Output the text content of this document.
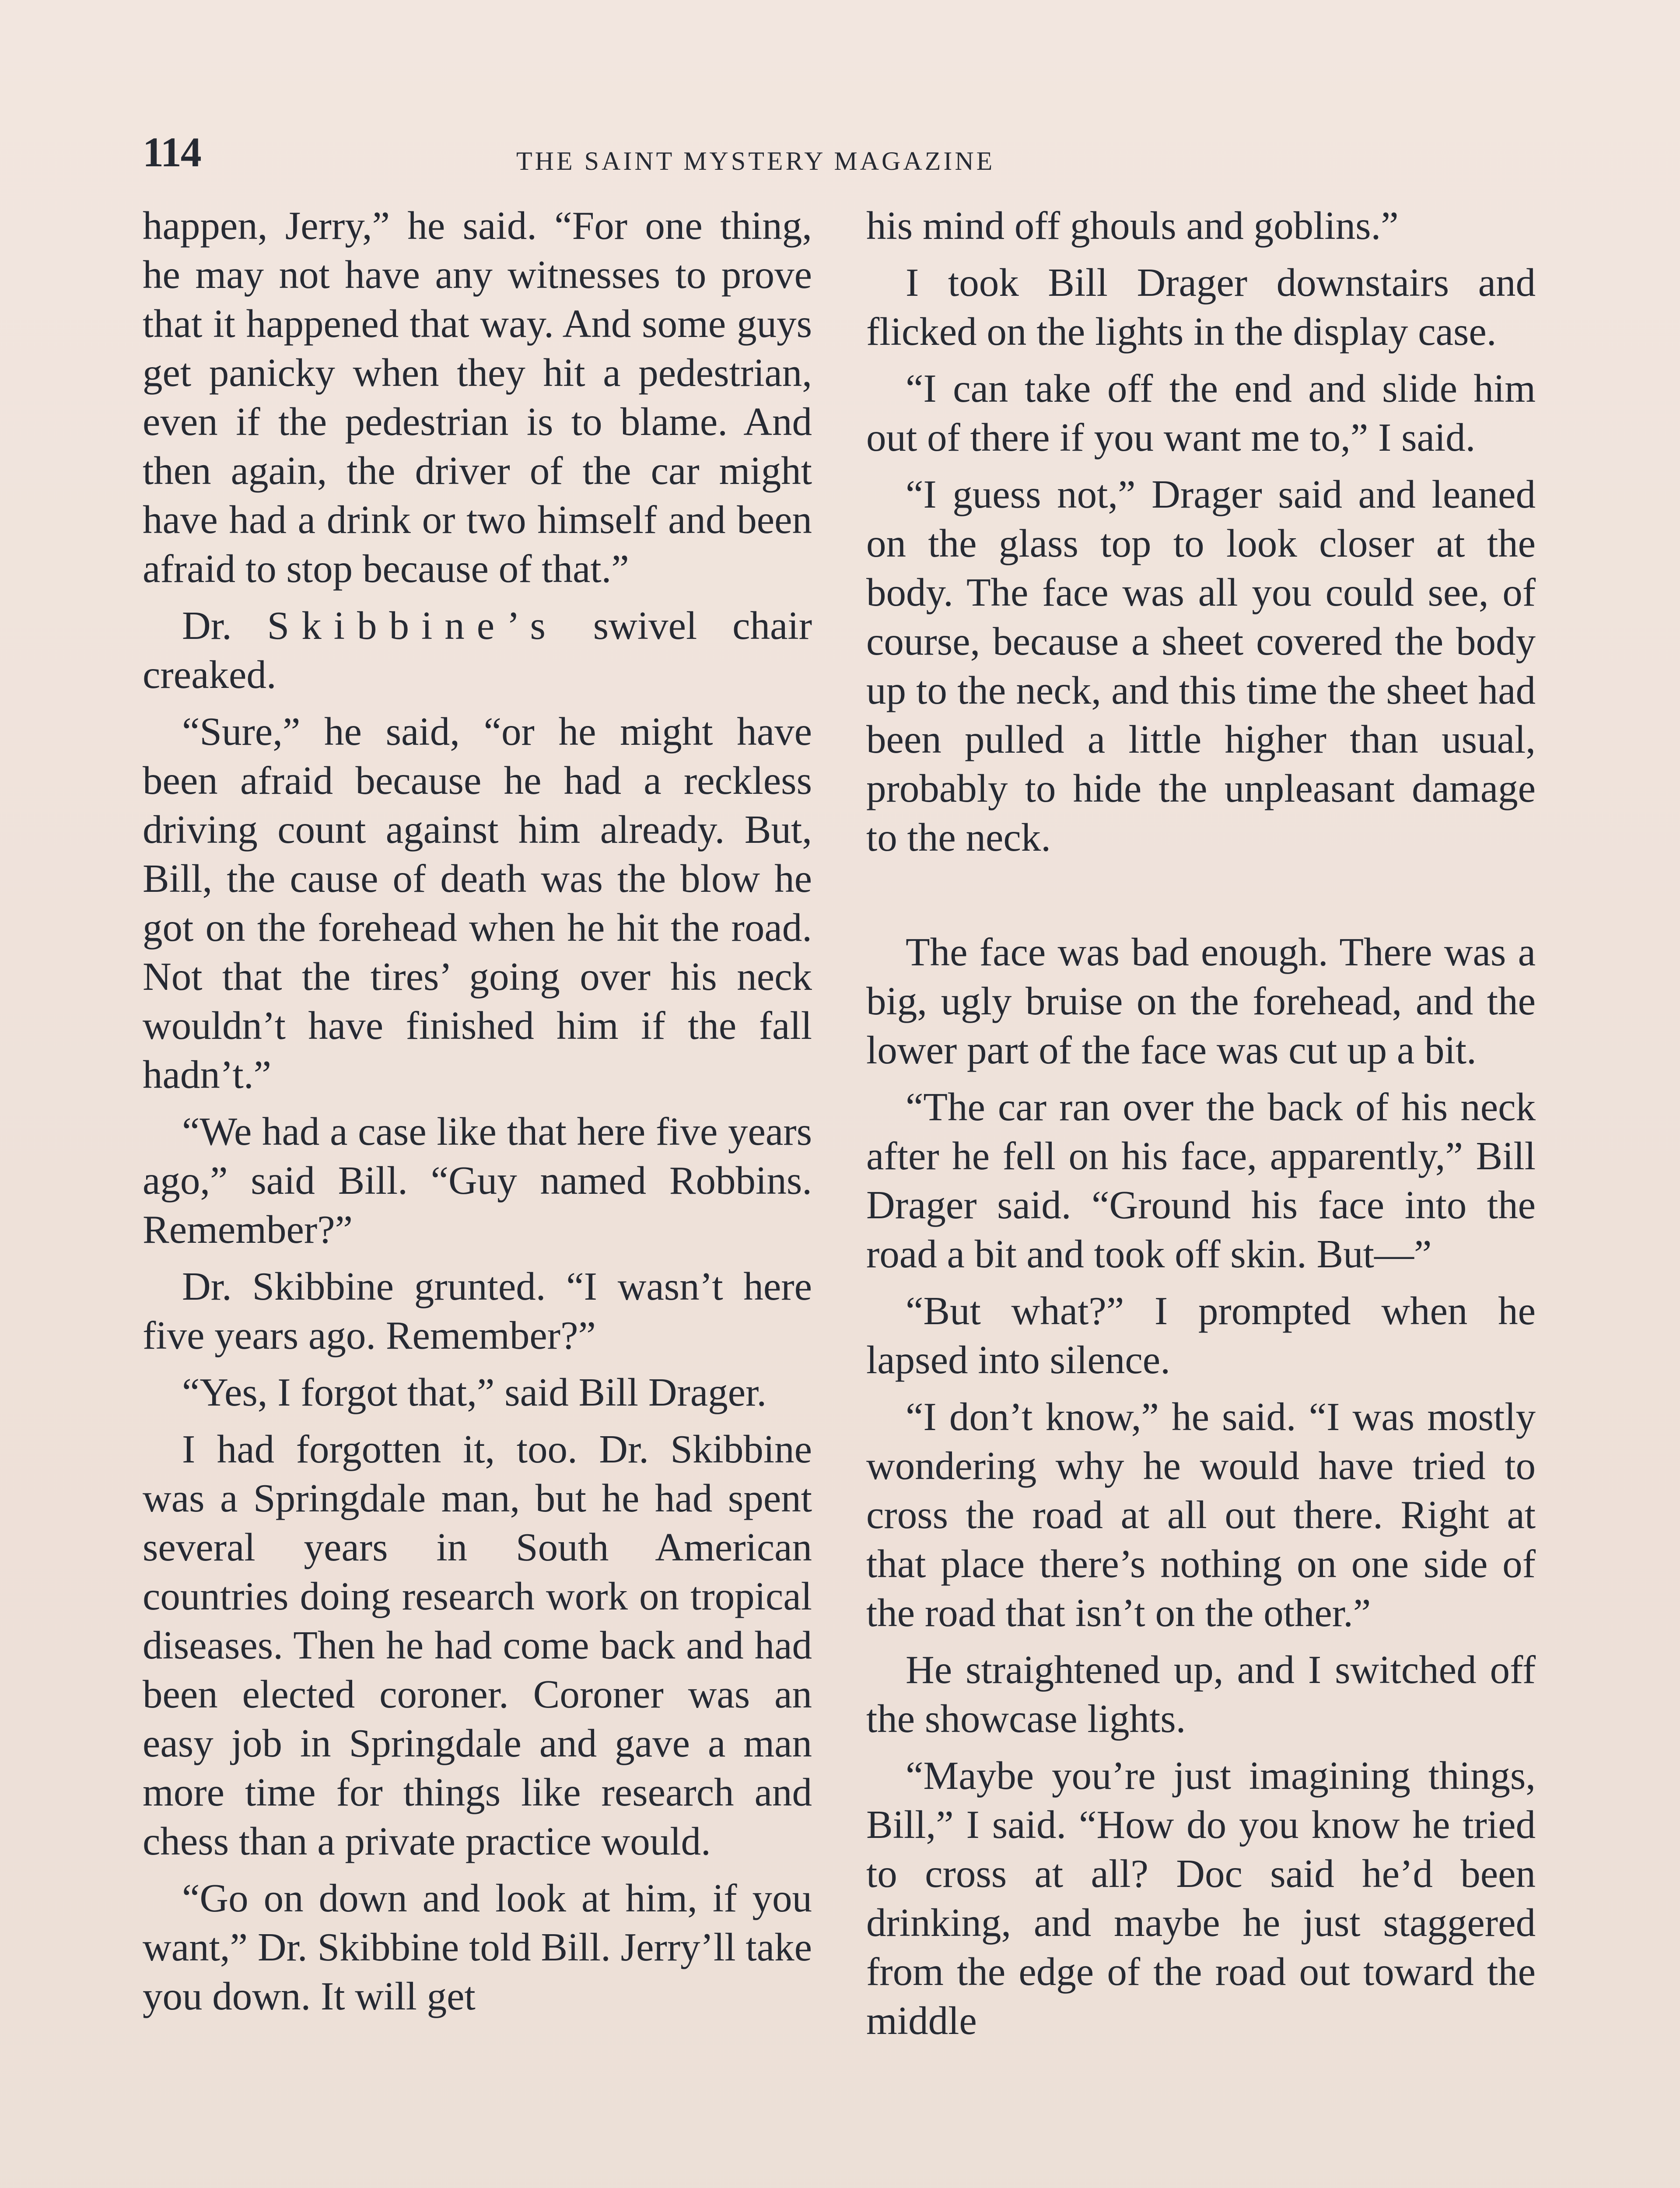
114	THE SAINT MYSTERY MAGAZINE

happen, Jerry,” he said. “For one thing, he may not have any witnesses to prove that it happened that way. And some guys get panicky when they hit a pedestrian, even if the pedestrian is to blame. And then again, the driver of the car might have had a drink or two himself and been afraid to stop because of that.”

Dr. Skibbine’s swivel chair creaked.

“Sure,” he said, “or he might have been afraid because he had a reckless driving count against him already. But, Bill, the cause of death was the blow he got on the forehead when he hit the road. Not that the tires’ going over his neck wouldn’t have finished him if the fall hadn’t.”

“We had a case like that here five years ago,” said Bill. “Guy named Robbins. Remember?”

Dr. Skibbine grunted. “I wasn’t here five years ago. Remember?”

“Yes, I forgot that,” said Bill Drager.

I had forgotten it, too. Dr. Skibbine was a Springdale man, but he had spent several years in South American countries doing research work on tropical diseases. Then he had come back and had been elected coroner. Coroner was an easy job in Springdale and gave a man more time for things like research and chess than a private practice would.

“Go on down and look at him, if you want,” Dr. Skibbine told Bill. Jerry’ll take you down. It will get

his mind off ghouls and goblins.”

I took Bill Drager downstairs and flicked on the lights in the display case.

“I can take off the end and slide him out of there if you want me to,” I said.

“I guess not,” Drager said and leaned on the glass top to look closer at the body. The face was all you could see, of course, because a sheet covered the body up to the neck, and this time the sheet had been pulled a little higher than usual, probably to hide the unpleasant damage to the neck.

The face was bad enough. There was a big, ugly bruise on the forehead, and the lower part of the face was cut up a bit.

“The car ran over the back of his neck after he fell on his face, apparently,” Bill Drager said. “Ground his face into the road a bit and took off skin. But—”

“But what?” I prompted when he lapsed into silence.

“I don’t know,” he said. “I was mostly wondering why he would have tried to cross the road at all out there. Right at that place there’s nothing on one side of the road that isn’t on the other.”

He straightened up, and I switched off the showcase lights.

“Maybe you’re just imagining things, Bill,” I said. “How do you know he tried to cross at all? Doc said he’d been drinking, and maybe he just staggered from the edge of the road out toward the middle
